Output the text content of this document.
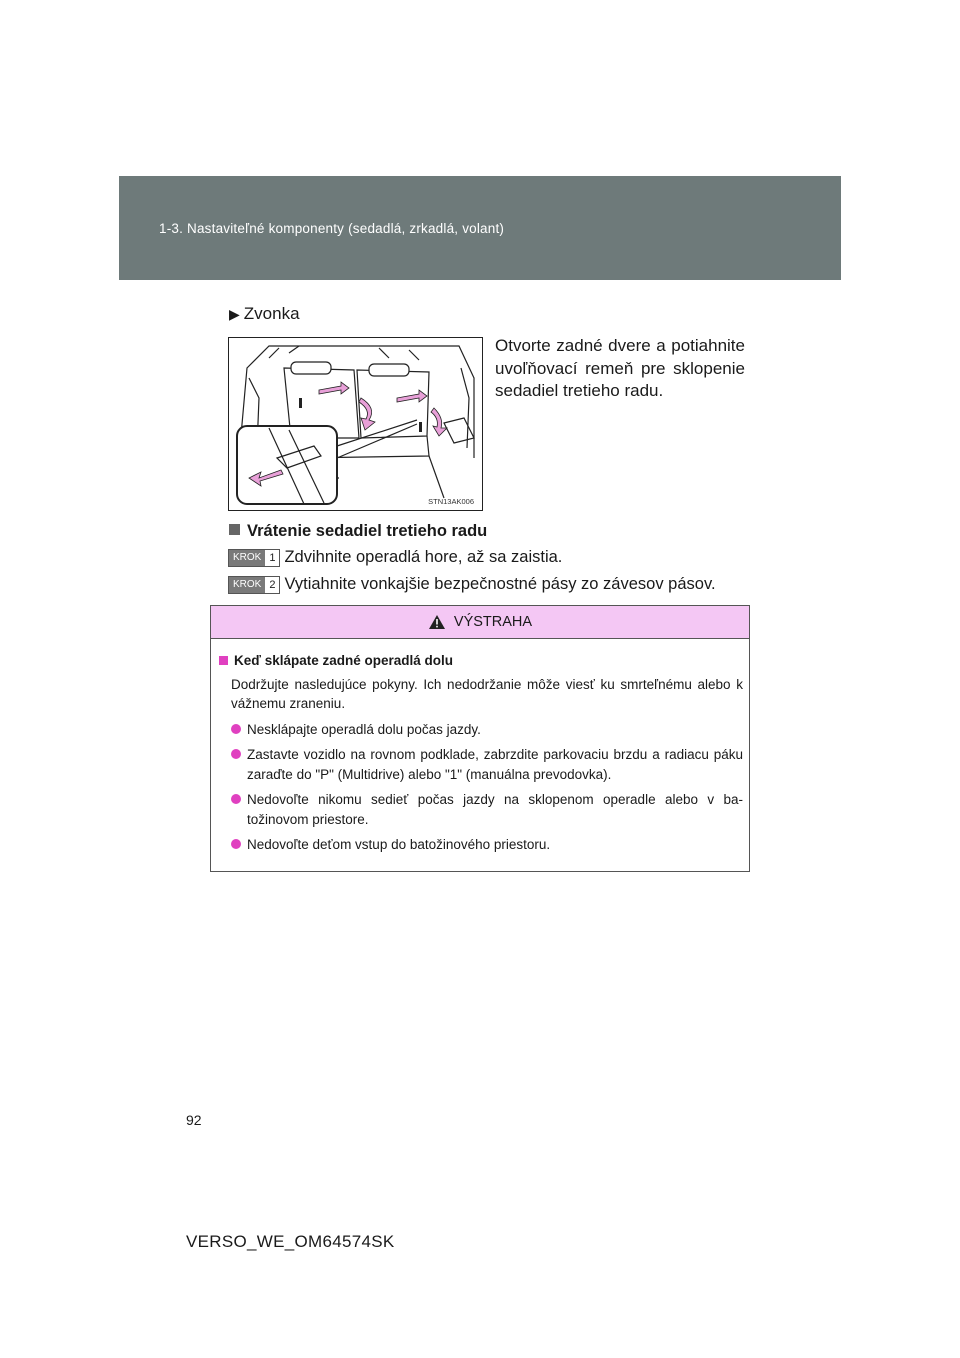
1-3. Nastaviteľné komponenty (sedadlá, zrkadlá, volant)
▶ Zvonka
STN13AK006
Otvorte zadné dvere a potiahnite uvoľňovací remeň pre sklopenie sedadiel tretieho radu.
Vrátenie sedadiel tretieho radu
KROK 1 Zdvihnite operadlá hore, až sa zaistia.
KROK 2 Vytiahnite vonkajšie bezpečnostné pásy zo závesov pásov.
VÝSTRAHA
Keď sklápate zadné operadlá dolu
Dodržujte nasledujúce pokyny. Ich nedodržanie môže viesť ku smrteľnému alebo k vážnemu zraneniu.
Nesklápajte operadlá dolu počas jazdy.
Zastavte vozidlo na rovnom podklade, zabrzdite parkovaciu brzdu a radiacu páku zaraďte do "P" (Multidrive) alebo "1" (manuálna prevodovka).
Nedovoľte nikomu sedieť počas jazdy na sklopenom operadle alebo v batožinovom priestore.
Nedovoľte deťom vstup do batožinového priestoru.
92
VERSO_WE_OM64574SK
